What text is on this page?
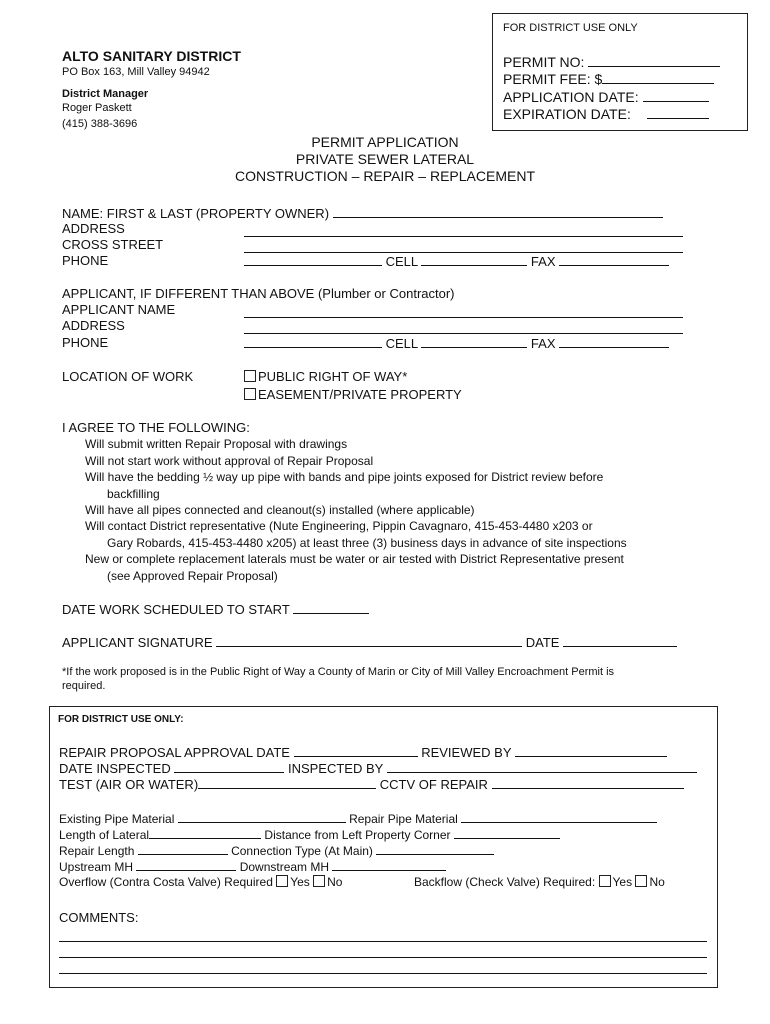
ALTO SANITARY DISTRICT
PO Box 163, Mill Valley 94942
District Manager
Roger Paskett
(415) 388-3696
FOR DISTRICT USE ONLY
PERMIT NO:
PERMIT FEE: $
APPLICATION DATE:
EXPIRATION DATE:
PERMIT APPLICATION
PRIVATE SEWER LATERAL
CONSTRUCTION – REPAIR – REPLACEMENT
NAME: FIRST & LAST (PROPERTY OWNER)
ADDRESS
CROSS STREET
PHONE	CELL	FAX
APPLICANT, IF DIFFERENT THAN ABOVE (Plumber or Contractor)
APPLICANT NAME
ADDRESS
PHONE	CELL	FAX
LOCATION OF WORK	PUBLIC RIGHT OF WAY*
EASEMENT/PRIVATE PROPERTY
I AGREE TO THE FOLLOWING:
Will submit written Repair Proposal with drawings
Will not start work without approval of Repair Proposal
Will have the bedding ½ way up pipe with bands and pipe joints exposed for District review before
backfilling
Will have all pipes connected and cleanout(s) installed (where applicable)
Will contact District representative (Nute Engineering, Pippin Cavagnaro, 415-453-4480 x203 or
Gary Robards, 415-453-4480 x205) at least three (3) business days in advance of site inspections
New or complete replacement laterals must be water or air tested with District Representative present
(see Approved Repair Proposal)
DATE WORK SCHEDULED TO START
APPLICANT SIGNATURE	DATE
*If the work proposed is in the Public Right of Way a County of Marin or City of Mill Valley Encroachment Permit is
required.
FOR DISTRICT USE ONLY:
REPAIR PROPOSAL APPROVAL DATE	REVIEWED BY
DATE INSPECTED	INSPECTED BY
TEST (AIR OR WATER)	CCTV OF REPAIR
Existing Pipe Material	Repair Pipe Material
Length of Lateral	Distance from Left Property Corner
Repair Length	Connection Type (At Main)
Upstream MH	Downstream MH
Overflow (Contra Costa Valve) Required Yes No	Backflow (Check Valve) Required: Yes No
COMMENTS:
